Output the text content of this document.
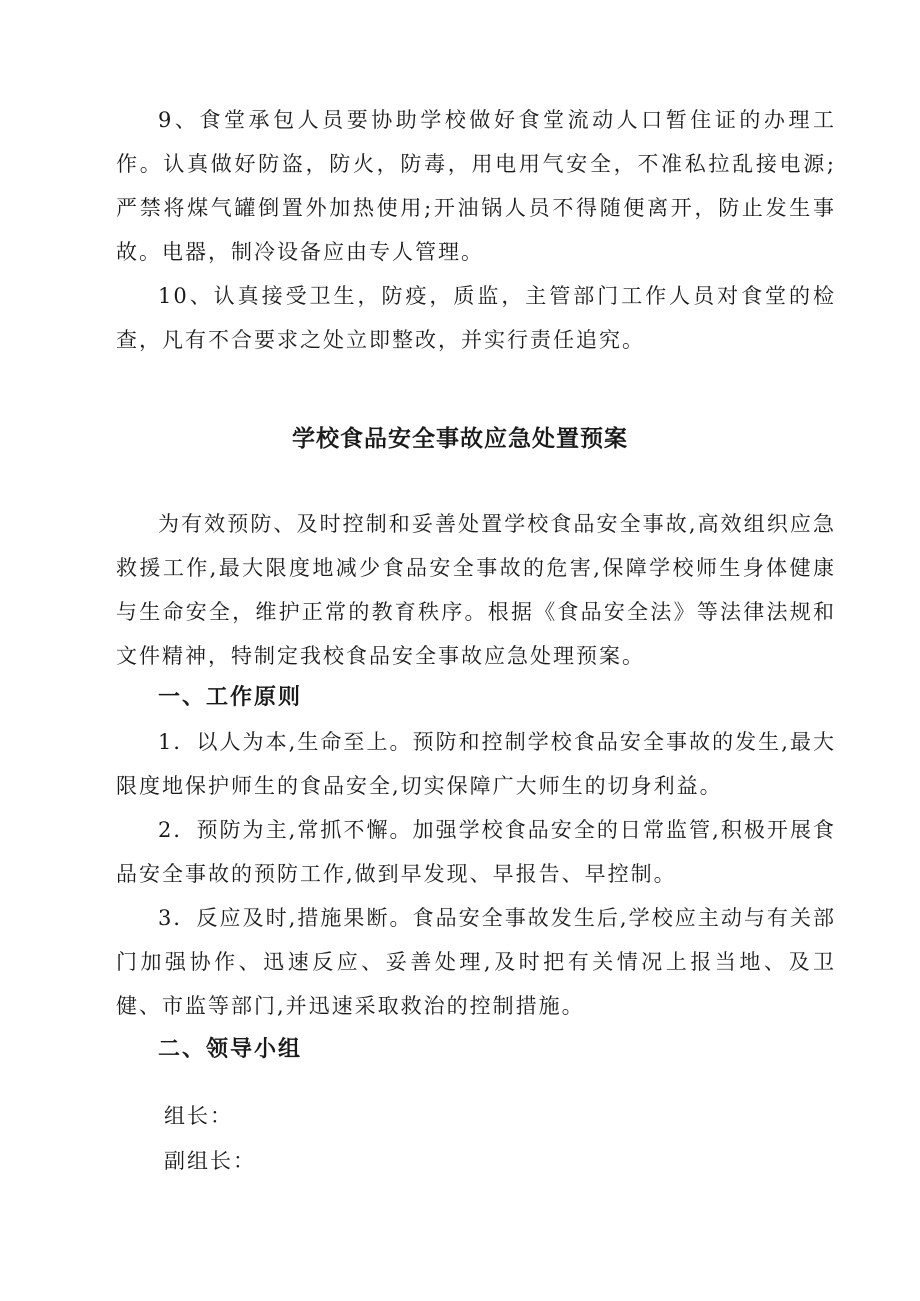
9、食堂承包人员要协助学校做好食堂流动人口暂住证的办理工作。认真做好防盗，防火，防毒，用电用气安全，不准私拉乱接电源;严禁将煤气罐倒置外加热使用;开油锅人员不得随便离开，防止发生事故。电器，制冷设备应由专人管理。

10、认真接受卫生，防疫，质监，主管部门工作人员对食堂的检查，凡有不合要求之处立即整改，并实行责任追究。

学校食品安全事故应急处置预案

为有效预防、及时控制和妥善处置学校食品安全事故,高效组织应急救援工作,最大限度地减少食品安全事故的危害,保障学校师生身体健康与生命安全，维护正常的教育秩序。根据《食品安全法》等法律法规和文件精神，特制定我校食品安全事故应急处理预案。

一、工作原则

1．以人为本,生命至上。预防和控制学校食品安全事故的发生,最大限度地保护师生的食品安全,切实保障广大师生的切身利益。

2．预防为主,常抓不懈。加强学校食品安全的日常监管,积极开展食品安全事故的预防工作,做到早发现、早报告、早控制。

3．反应及时,措施果断。食品安全事故发生后,学校应主动与有关部门加强协作、迅速反应、妥善处理,及时把有关情况上报当地、及卫健、市监等部门,并迅速采取救治的控制措施。

二、领导小组

组长：

副组长：
